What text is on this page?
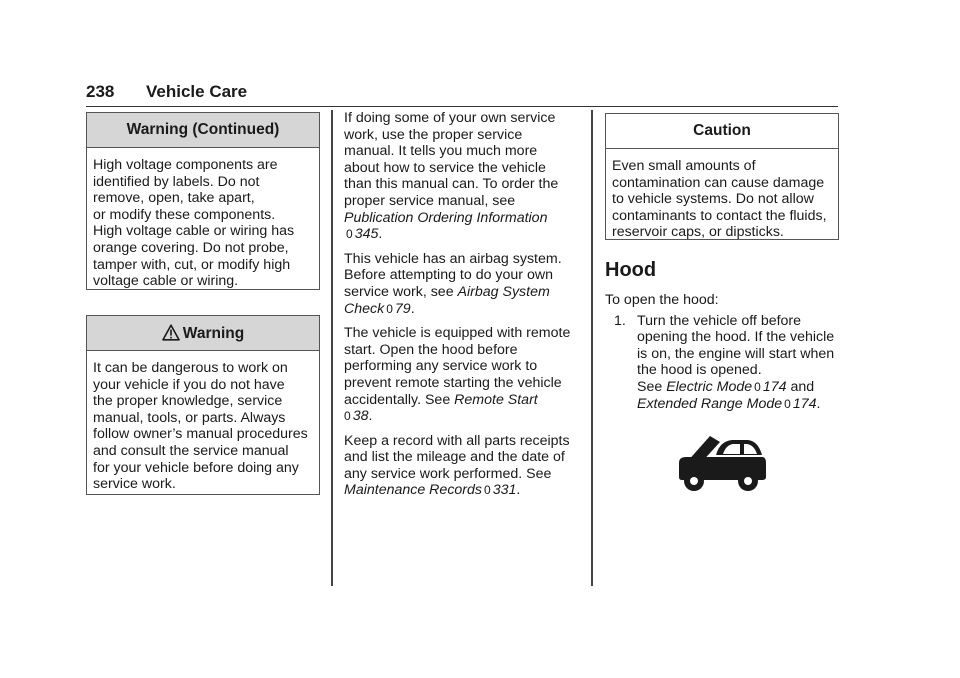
238 Vehicle Care
Warning (Continued)
High voltage components are
identified by labels. Do not
remove, open, take apart,
or modify these components.
High voltage cable or wiring has
orange covering. Do not probe,
tamper with, cut, or modify high
voltage cable or wiring.
Warning
It can be dangerous to work on
your vehicle if you do not have
the proper knowledge, service
manual, tools, or parts. Always
follow owner’s manual procedures
and consult the service manual
for your vehicle before doing any
service work.

If doing some of your own service
work, use the proper service
manual. It tells you much more
about how to service the vehicle
than this manual can. To order the
proper service manual, see
Publication Ordering Information
0 345.

This vehicle has an airbag system.
Before attempting to do your own
service work, see Airbag System
Check 0 79.

The vehicle is equipped with remote
start. Open the hood before
performing any service work to
prevent remote starting the vehicle
accidentally. See Remote Start
0 38.

Keep a record with all parts receipts
and list the mileage and the date of
any service work performed. See
Maintenance Records 0 331.

Caution
Even small amounts of
contamination can cause damage
to vehicle systems. Do not allow
contaminants to contact the fluids,
reservoir caps, or dipsticks.
Hood
To open the hood:
1. Turn the vehicle off before
opening the hood. If the vehicle
is on, the engine will start when
the hood is opened.
See Electric Mode 0 174 and
Extended Range Mode 0 174.
